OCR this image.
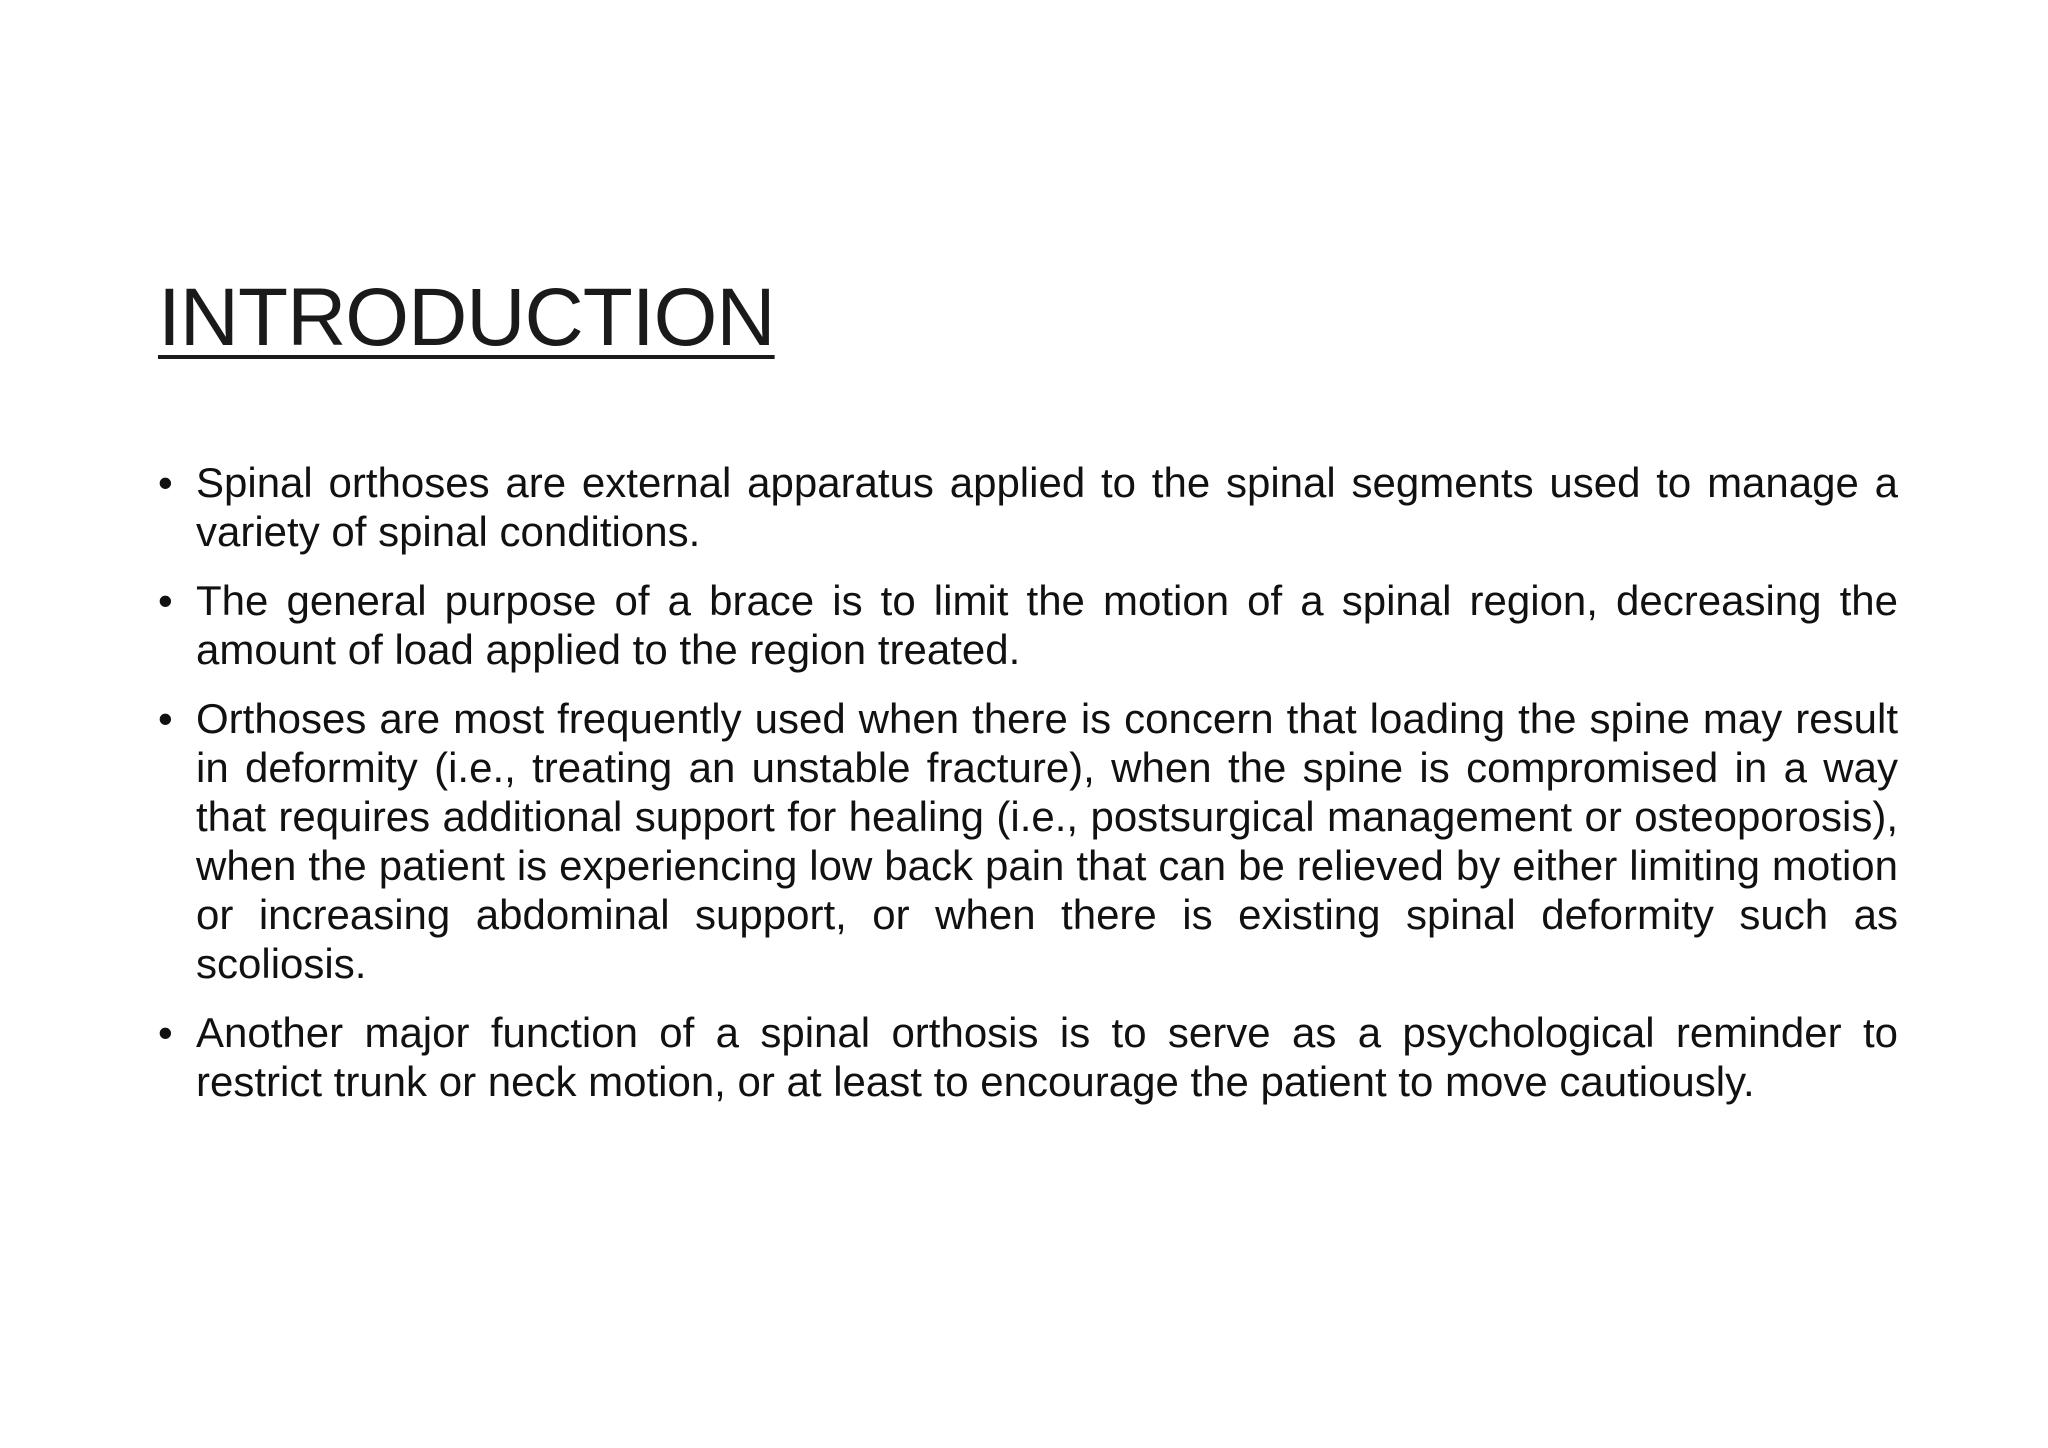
INTRODUCTION
• Spinal orthoses are external apparatus applied to the spinal segments used to manage a variety of spinal conditions.
• The general purpose of a brace is to limit the motion of a spinal region, decreasing the amount of load applied to the region treated.
• Orthoses are most frequently used when there is concern that loading the spine may result in deformity (i.e., treating an unstable fracture), when the spine is compromised in a way that requires additional support for healing (i.e., postsurgical management or osteoporosis), when the patient is experiencing low back pain that can be relieved by either limiting motion or increasing abdominal support, or when there is existing spinal deformity such as scoliosis.
• Another major function of a spinal orthosis is to serve as a psychological reminder to restrict trunk or neck motion, or at least to encourage the patient to move cautiously.
